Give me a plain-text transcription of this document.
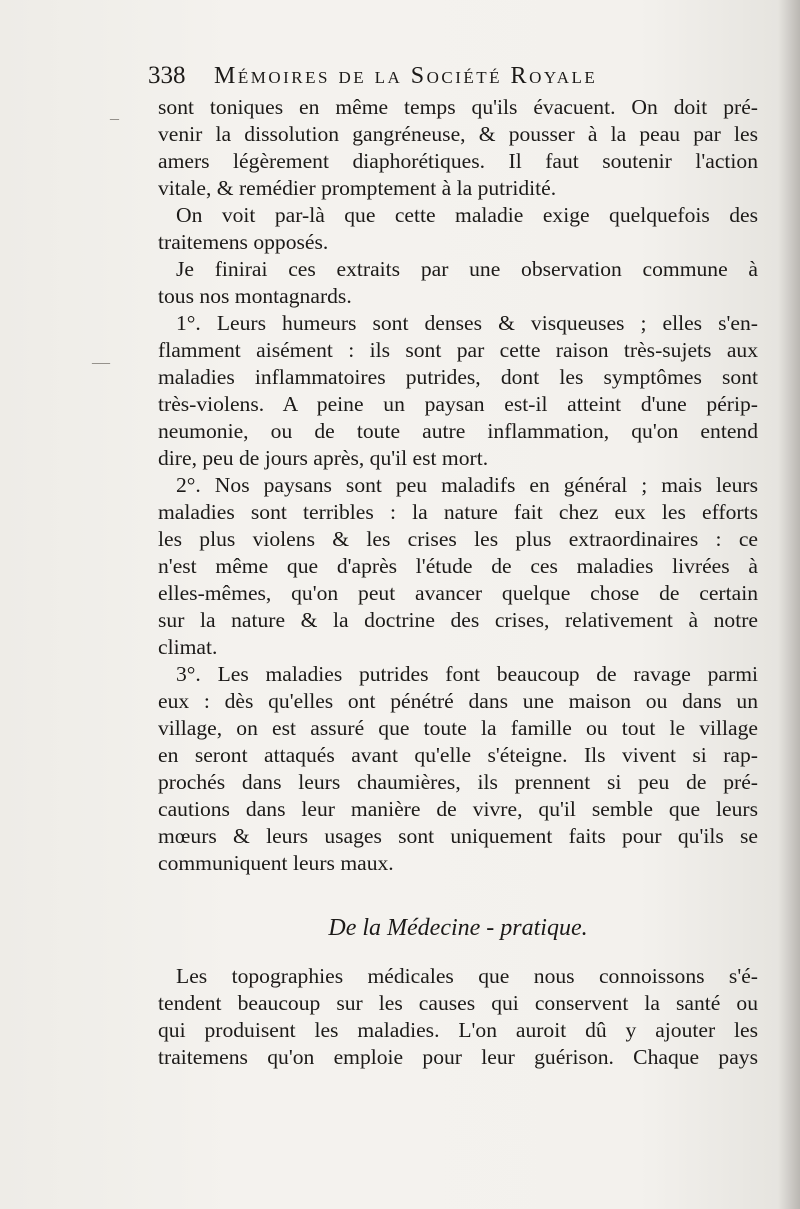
338 Mémoires de la Société Royale
sont toniques en même temps qu'ils évacuent. On doit pré-
venir la dissolution gangréneuse, & pousser à la peau par les
amers légèrement diaphorétiques. Il faut soutenir l'action
vitale, & remédier promptement à la putridité.
On voit par-là que cette maladie exige quelquefois des
traitemens opposés.
Je finirai ces extraits par une observation commune à
tous nos montagnards.
1°. Leurs humeurs sont denses & visqueuses ; elles s'en-
flamment aisément : ils sont par cette raison très-sujets aux
maladies inflammatoires putrides, dont les symptômes sont
très-violens. A peine un paysan est-il atteint d'une périp-
neumonie, ou de toute autre inflammation, qu'on entend
dire, peu de jours après, qu'il est mort.
2°. Nos paysans sont peu maladifs en général ; mais leurs
maladies sont terribles : la nature fait chez eux les efforts
les plus violens & les crises les plus extraordinaires : ce
n'est même que d'après l'étude de ces maladies livrées à
elles-mêmes, qu'on peut avancer quelque chose de certain
sur la nature & la doctrine des crises, relativement à notre
climat.
3°. Les maladies putrides font beaucoup de ravage parmi
eux : dès qu'elles ont pénétré dans une maison ou dans un
village, on est assuré que toute la famille ou tout le village
en seront attaqués avant qu'elle s'éteigne. Ils vivent si rap-
prochés dans leurs chaumières, ils prennent si peu de pré-
cautions dans leur manière de vivre, qu'il semble que leurs
mœurs & leurs usages sont uniquement faits pour qu'ils se
communiquent leurs maux.
De la Médecine - pratique.
Les topographies médicales que nous connoissons s'é-
tendent beaucoup sur les causes qui conservent la santé ou
qui produisent les maladies. L'on auroit dû y ajouter les
traitemens qu'on emploie pour leur guérison. Chaque pays
–
—
